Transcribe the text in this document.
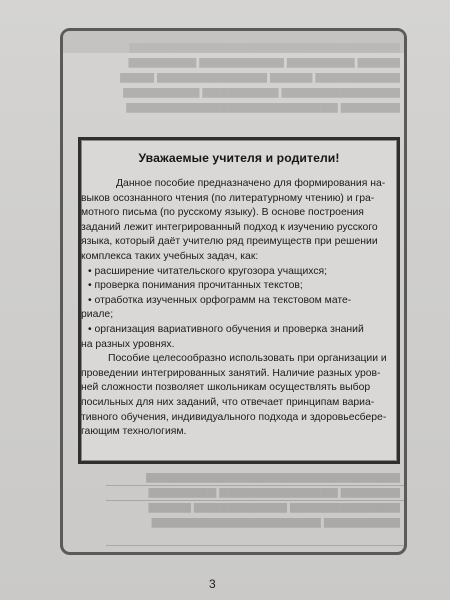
▆▆▆▆▆ ▆▆▆▆▆▆▆▆ ▆▆▆▆▆▆▆▆▆▆ ▆▆▆▆▆▆▆▆
▆▆▆▆▆▆▆▆▆▆ ▆▆▆▆▆ ▆▆▆▆▆▆▆▆▆▆▆▆▆ ▆▆▆▆
▆▆▆▆▆▆▆▆▆▆▆▆▆▆ ▆▆▆▆▆▆▆▆▆ ▆▆▆▆▆▆▆▆▆
▆▆▆▆▆▆▆ ▆▆▆▆▆▆▆▆▆▆▆▆▆▆▆▆▆▆▆▆▆▆▆▆▆
▆▆▆▆▆▆▆▆▆▆▆▆▆▆▆▆▆▆▆▆▆▆▆▆▆▆▆▆▆▆
▆▆▆▆▆▆▆ ▆▆▆▆▆▆▆▆▆▆▆▆▆▆ ▆▆▆▆▆▆▆▆
▆▆▆▆▆▆▆▆▆▆▆▆▆ ▆▆▆▆▆▆▆▆▆▆▆ ▆▆▆▆▆
▆▆▆▆▆▆▆▆▆ ▆▆▆▆▆▆▆▆▆▆▆▆▆▆▆▆▆▆▆▆
Уважаемые учителя и родители!
Данное пособие предназначено для формирования на-
выков осознанного чтения (по литературному чтению) и гра-
мотного письма (по русскому языку). В основе построения
заданий лежит интегрированный подход к изучению русского
языка, который даёт учителю ряд преимуществ при решении
комплекса таких учебных задач, как:
• расширение читательского кругозора учащихся;
• проверка понимания прочитанных текстов;
• отработка изученных орфограмм на текстовом мате-
риале;
• организация вариативного обучения и проверка знаний
на разных уровнях.
Пособие целесообразно использовать при организации и
проведении интегрированных занятий. Наличие разных уров-
ней сложности позволяет школьникам осуществлять выбор
посильных для них заданий, что отвечает принципам вариа-
тивного обучения, индивидуального подхода и здоровьесбере-
гающим технологиям.
3
